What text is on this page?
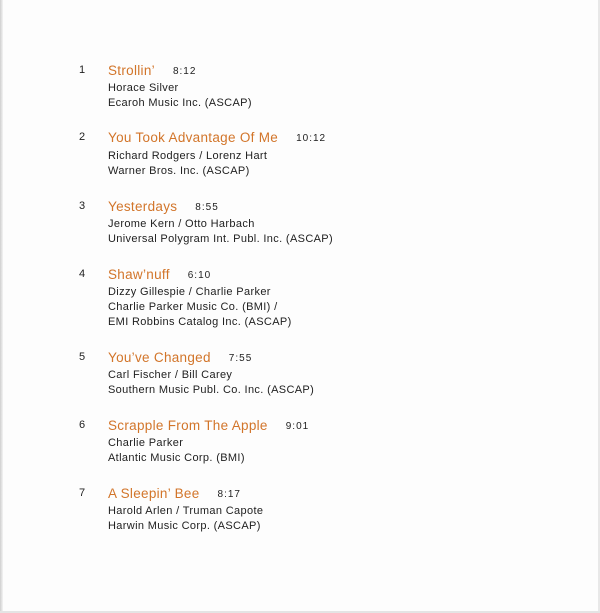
1 Strollin’ 8:12
Horace Silver
Ecaroh Music Inc. (ASCAP)
2 You Took Advantage Of Me 10:12
Richard Rodgers / Lorenz Hart
Warner Bros. Inc. (ASCAP)
3 Yesterdays 8:55
Jerome Kern / Otto Harbach
Universal Polygram Int. Publ. Inc. (ASCAP)
4 Shaw’nuff 6:10
Dizzy Gillespie / Charlie Parker
Charlie Parker Music Co. (BMI) /
EMI Robbins Catalog Inc. (ASCAP)
5 You’ve Changed 7:55
Carl Fischer / Bill Carey
Southern Music Publ. Co. Inc. (ASCAP)
6 Scrapple From The Apple 9:01
Charlie Parker
Atlantic Music Corp. (BMI)
7 A Sleepin’ Bee 8:17
Harold Arlen / Truman Capote
Harwin Music Corp. (ASCAP)
